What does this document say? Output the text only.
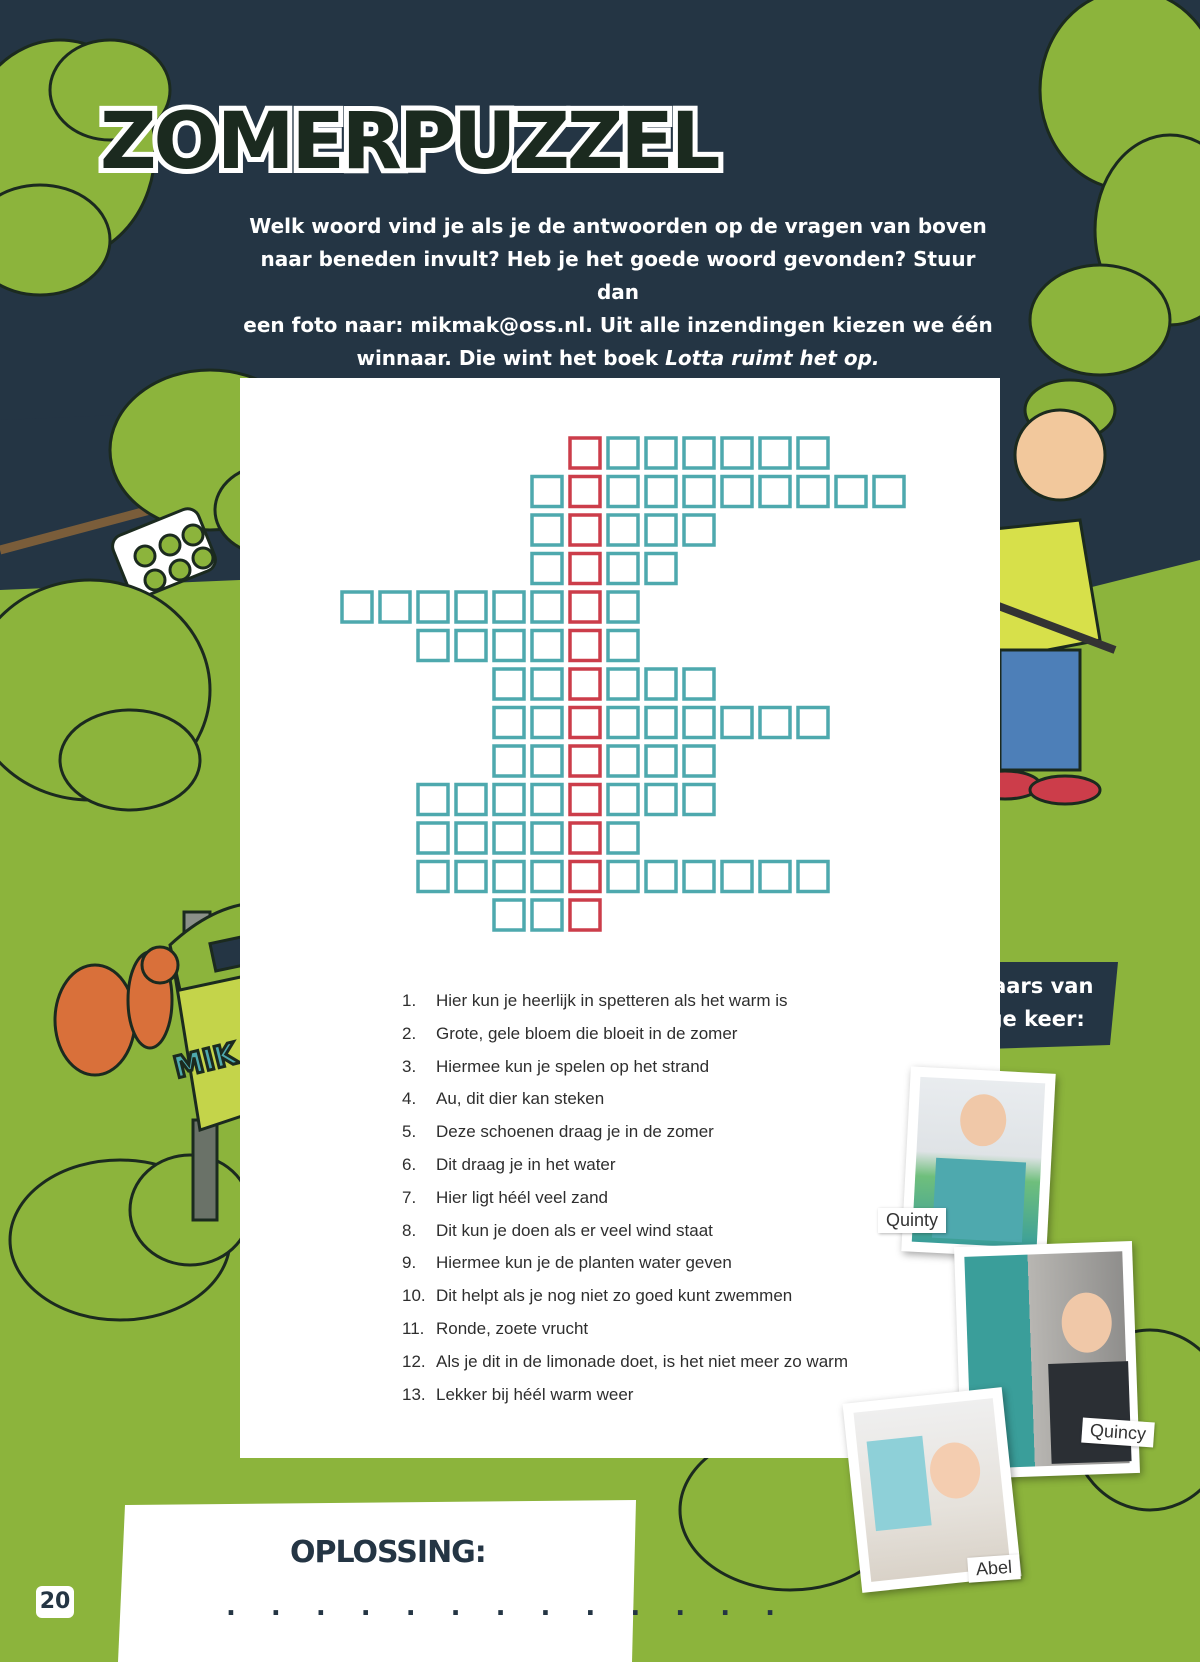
MIK
ZOMERPUZZEL
Welk woord vind je als je de antwoorden op de vragen van boven
naar beneden invult? Heb je het goede woord gevonden? Stuur dan
een foto naar: mikmak@oss.nl. Uit alle inzendingen kiezen we één
winnaar. Die wint het boek Lotta ruimt het op.
1. Hier kun je heerlijk in spetteren als het warm is
2. Grote, gele bloem die bloeit in de zomer
3. Hiermee kun je spelen op het strand
4. Au, dit dier kan steken
5. Deze schoenen draag je in de zomer
6. Dit draag je in het water
7. Hier ligt héél veel zand
8. Dit kun je doen als er veel wind staat
9. Hiermee kun je de planten water geven
10. Dit helpt als je nog niet zo goed kunt zwemmen
11. Ronde, zoete vrucht
12. Als je dit in de limonade doet, is het niet meer zo warm
13. Lekker bij héél warm weer
De winnaars van
de vorige keer:
Quinty
Quincy
Abel
OPLOSSING:
. . . . . . . . . . . . .
20
